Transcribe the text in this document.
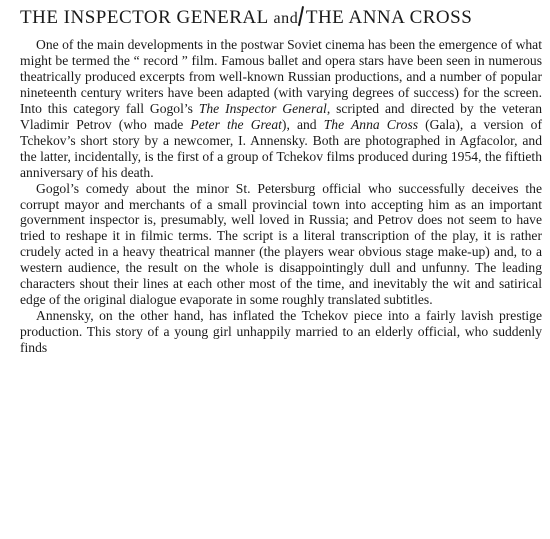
THE INSPECTOR GENERAL and THE ANNA CROSS

One of the main developments in the postwar Soviet cinema has been the emergence of what might be termed the “ record ” film. Famous ballet and opera stars have been seen in numerous theatrically produced excerpts from well-known Russian productions, and a number of popular nineteenth century writers have been adapted (with varying degrees of success) for the screen. Into this category fall Gogol’s The Inspector General, scripted and directed by the veteran Vladimir Petrov (who made Peter the Great), and The Anna Cross (Gala), a version of Tchekov’s short story by a newcomer, I. Annensky. Both are photographed in Agfacolor, and the latter, incidentally, is the first of a group of Tchekov films produced during 1954, the fiftieth anniversary of his death.

Gogol’s comedy about the minor St. Petersburg official who successfully deceives the corrupt mayor and merchants of a small provincial town into accepting him as an important government inspector is, presumably, well loved in Russia; and Petrov does not seem to have tried to reshape it in filmic terms. The script is a literal transcription of the play, it is rather crudely acted in a heavy theatrical manner (the players wear obvious stage make-up) and, to a western audience, the result on the whole is disappointingly dull and unfunny. The leading characters shout their lines at each other most of the time, and inevitably the wit and satirical edge of the original dialogue evaporate in some roughly translated subtitles.

Annensky, on the other hand, has inflated the Tchekov piece into a fairly lavish prestige production. This story of a young girl unhappily married to an elderly official, who suddenly finds
